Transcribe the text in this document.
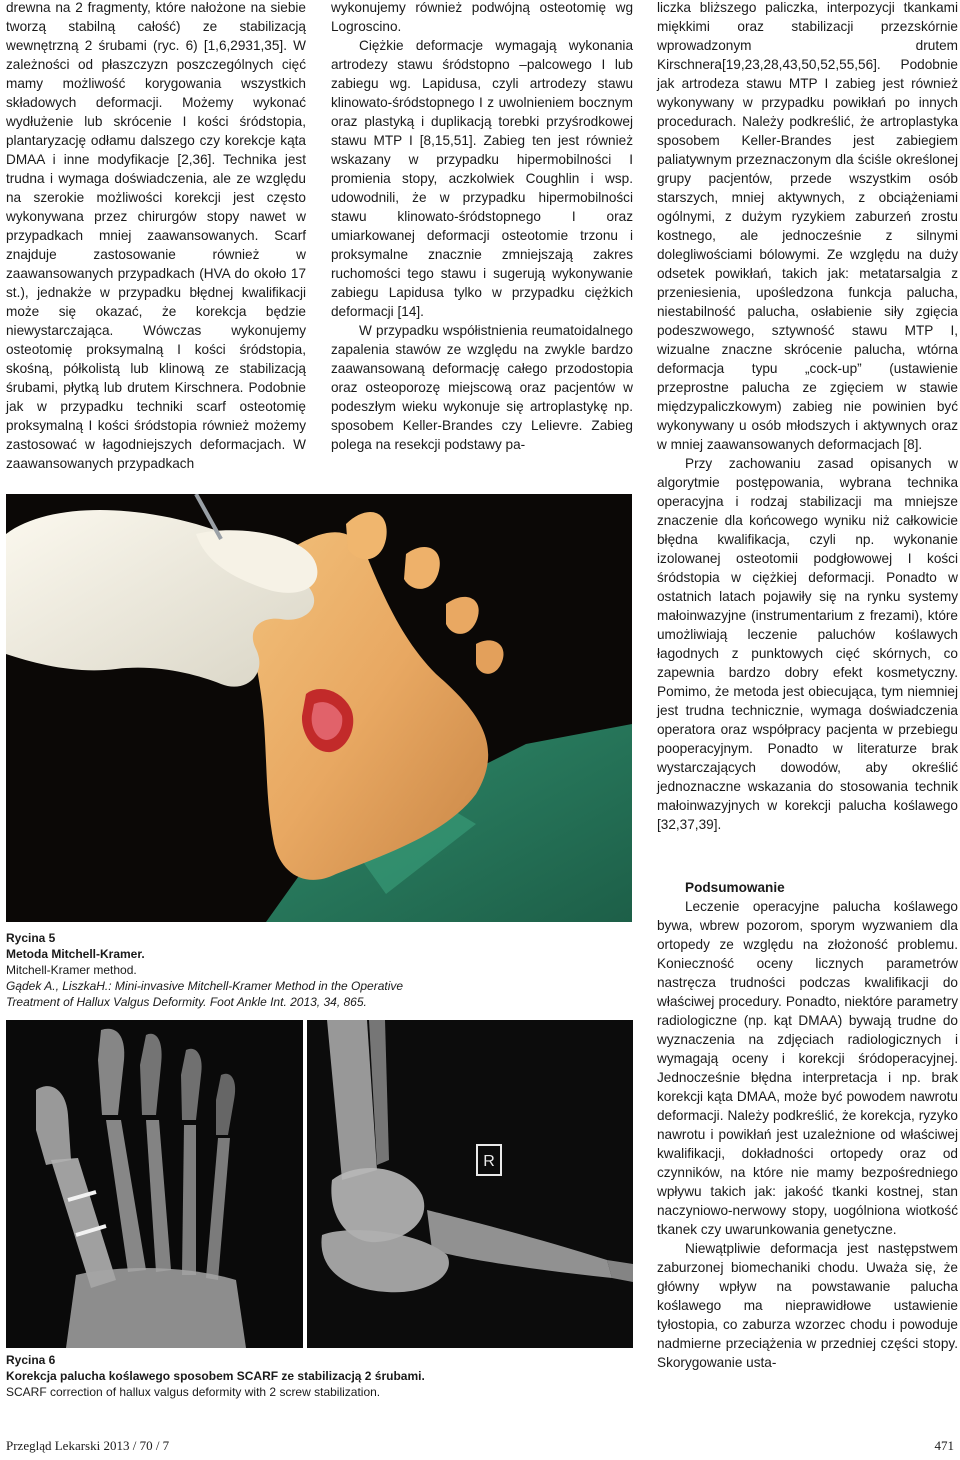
drewna na 2 fragmenty, które nałożone na siebie tworzą stabilną całość) ze stabilizacją wewnętrzną 2 śrubami (ryc. 6) [1,6,2931,35]. W zależności od płaszczyzn poszczególnych cięć mamy możliwość korygowania wszystkich składowych deformacji. Możemy wykonać wydłużenie lub skrócenie I kości śródstopia, plantaryzację odłamu dalszego czy korekcje kąta DMAA i inne modyfikacje [2,36]. Technika jest trudna i wymaga doświadczenia, ale ze względu na szerokie możliwości korekcji jest często wykonywana przez chirurgów stopy nawet w przypadkach mniej zaawansowanych. Scarf znajduje zastosowanie również w zaawansowanych przypadkach (HVA do około 17 st.), jednakże w przypadku błędnej kwalifikacji może się okazać, że korekcja będzie niewystarczająca. Wówczas wykonujemy osteotomię proksymalną I kości śródstopia, skośną, półkolistą lub klinową ze stabilizacją śrubami, płytką lub drutem Kirschnera. Podobnie jak w przypadku techniki scarf osteotomię proksymalną I kości śródstopia również możemy zastosować w łagodniejszych deformacjach. W zaawansowanych przypadkach

wykonujemy również podwójną osteotomię wg Logroscino.

Ciężkie deformacje wymagają wykonania artrodezy stawu śródstopno –palcowego I lub zabiegu wg. Lapidusa, czyli artrodezy stawu klinowato-śródstopnego I z uwolnieniem bocznym oraz plastyką i duplikacją torebki przyśrodkowej stawu MTP I [8,15,51]. Zabieg ten jest również wskazany w przypadku hipermobilności I promienia stopy, aczkolwiek Coughlin i wsp. udowodnili, że w przypadku hipermobilności stawu klinowato-śródstopnego I oraz umiarkowanej deformacji osteotomie trzonu i proksymalne znacznie zmniejszają zakres ruchomości tego stawu i sugerują wykonywanie zabiegu Lapidusa tylko w przypadku ciężkich deformacji [14].

W przypadku współistnienia reumatoidalnego zapalenia stawów ze względu na zwykle bardzo zaawansowaną deformację całego przodostopia oraz osteoporozę miejscową oraz pacjentów w podeszłym wieku wykonuje się artroplastykę np. sposobem Keller-Brandes czy Lelievre. Zabieg polega na resekcji podstawy pa-

liczka bliższego paliczka, interpozycji tkankami miękkimi oraz stabilizacji przezskórnie wprowadzonym drutem Kirschnera[19,23,28,43,50,52,55,56]. Podobnie jak artrodeza stawu MTP I zabieg jest również wykonywany w przypadku powikłań po innych procedurach. Należy podkreślić, że artroplastyka sposobem Keller-Brandes jest zabiegiem paliatywnym przeznaczonym dla ściśle określonej grupy pacjentów, przede wszystkim osób starszych, mniej aktywnych, z obciążeniami ogólnymi, z dużym ryzykiem zaburzeń zrostu kostnego, ale jednocześnie z silnymi dolegliwościami bólowymi. Ze względu na duży odsetek powikłań, takich jak: metatarsalgia z przeniesienia, upośledzona funkcja palucha, niestabilność palucha, osłabienie siły zgięcia podeszwowego, sztywność stawu MTP I, wizualne znaczne skrócenie palucha, wtórna deformacja typu „cock-up” (ustawienie przeprostne palucha ze zgięciem w stawie międzypaliczkowym) zabieg nie powinien być wykonywany u osób młodszych i aktywnych oraz w mniej zaawansowanych deformacjach [8].

Przy zachowaniu zasad opisanych w algorytmie postępowania, wybrana technika operacyjna i rodzaj stabilizacji ma mniejsze znaczenie dla końcowego wyniku niż całkowicie błędna kwalifikacja, czyli np. wykonanie izolowanej osteotomii podgłowowej I kości śródstopia w ciężkiej deformacji. Ponadto w ostatnich latach pojawiły się na rynku systemy małoinwazyjne (instrumentarium z frezami), które umożliwiają leczenie paluchów koślawych łagodnych z punktowych cięć skórnych, co zapewnia bardzo dobry efekt kosmetyczny. Pomimo, że metoda jest obiecująca, tym niemniej jest trudna technicznie, wymaga doświadczenia operatora oraz współpracy pacjenta w przebiegu pooperacyjnym. Ponadto w literaturze brak wystarczających dowodów, aby określić jednoznaczne wskazania do stosowania technik małoinwazyjnych w korekcji palucha koślawego [32,37,39].

Podsumowanie

Leczenie operacyjne palucha koślawego bywa, wbrew pozorom, sporym wyzwaniem dla ortopedy ze względu na złożoność problemu. Konieczność oceny licznych parametrów nastręcza trudności podczas kwalifikacji do właściwej procedury. Ponadto, niektóre parametry radiologiczne (np. kąt DMAA) bywają trudne do wyznaczenia na zdjęciach radiologicznych i wymagają oceny i korekcji śródoperacyjnej. Jednocześnie błędna interpretacja i np. brak korekcji kąta DMAA, może być powodem nawrotu deformacji. Należy podkreślić, że korekcja, ryzyko nawrotu i powikłań jest uzależnione od właściwej kwalifikacji, dokładności ortopedy oraz od czynników, na które nie mamy bezpośredniego wpływu takich jak: jakość tkanki kostnej, stan naczyniowo-nerwowy stopy, uogólniona wiotkość tkanek czy uwarunkowania genetyczne.

Niewątpliwie deformacja jest następstwem zaburzonej biomechaniki chodu. Uważa się, że główny wpływ na powstawanie palucha koślawego ma nieprawidłowe ustawienie tyłostopia, co zaburza wzorzec chodu i powoduje nadmierne przeciążenia w przedniej części stopy. Skorygowanie usta-

Rycina 5
Metoda Mitchell-Kramer.
Mitchell-Kramer method.
Gądek A., LiszkaH.: Mini-invasive Mitchell-Kramer Method in the Operative
Treatment of Hallux Valgus Deformity. Foot Ankle Int. 2013, 34, 865.
R
Rycina 6
Korekcja palucha koślawego sposobem SCARF ze stabilizacją 2 śrubami.
SCARF correction of hallux valgus deformity with 2 screw stabilization.
Przegląd Lekarski 2013 / 70 / 7	471
